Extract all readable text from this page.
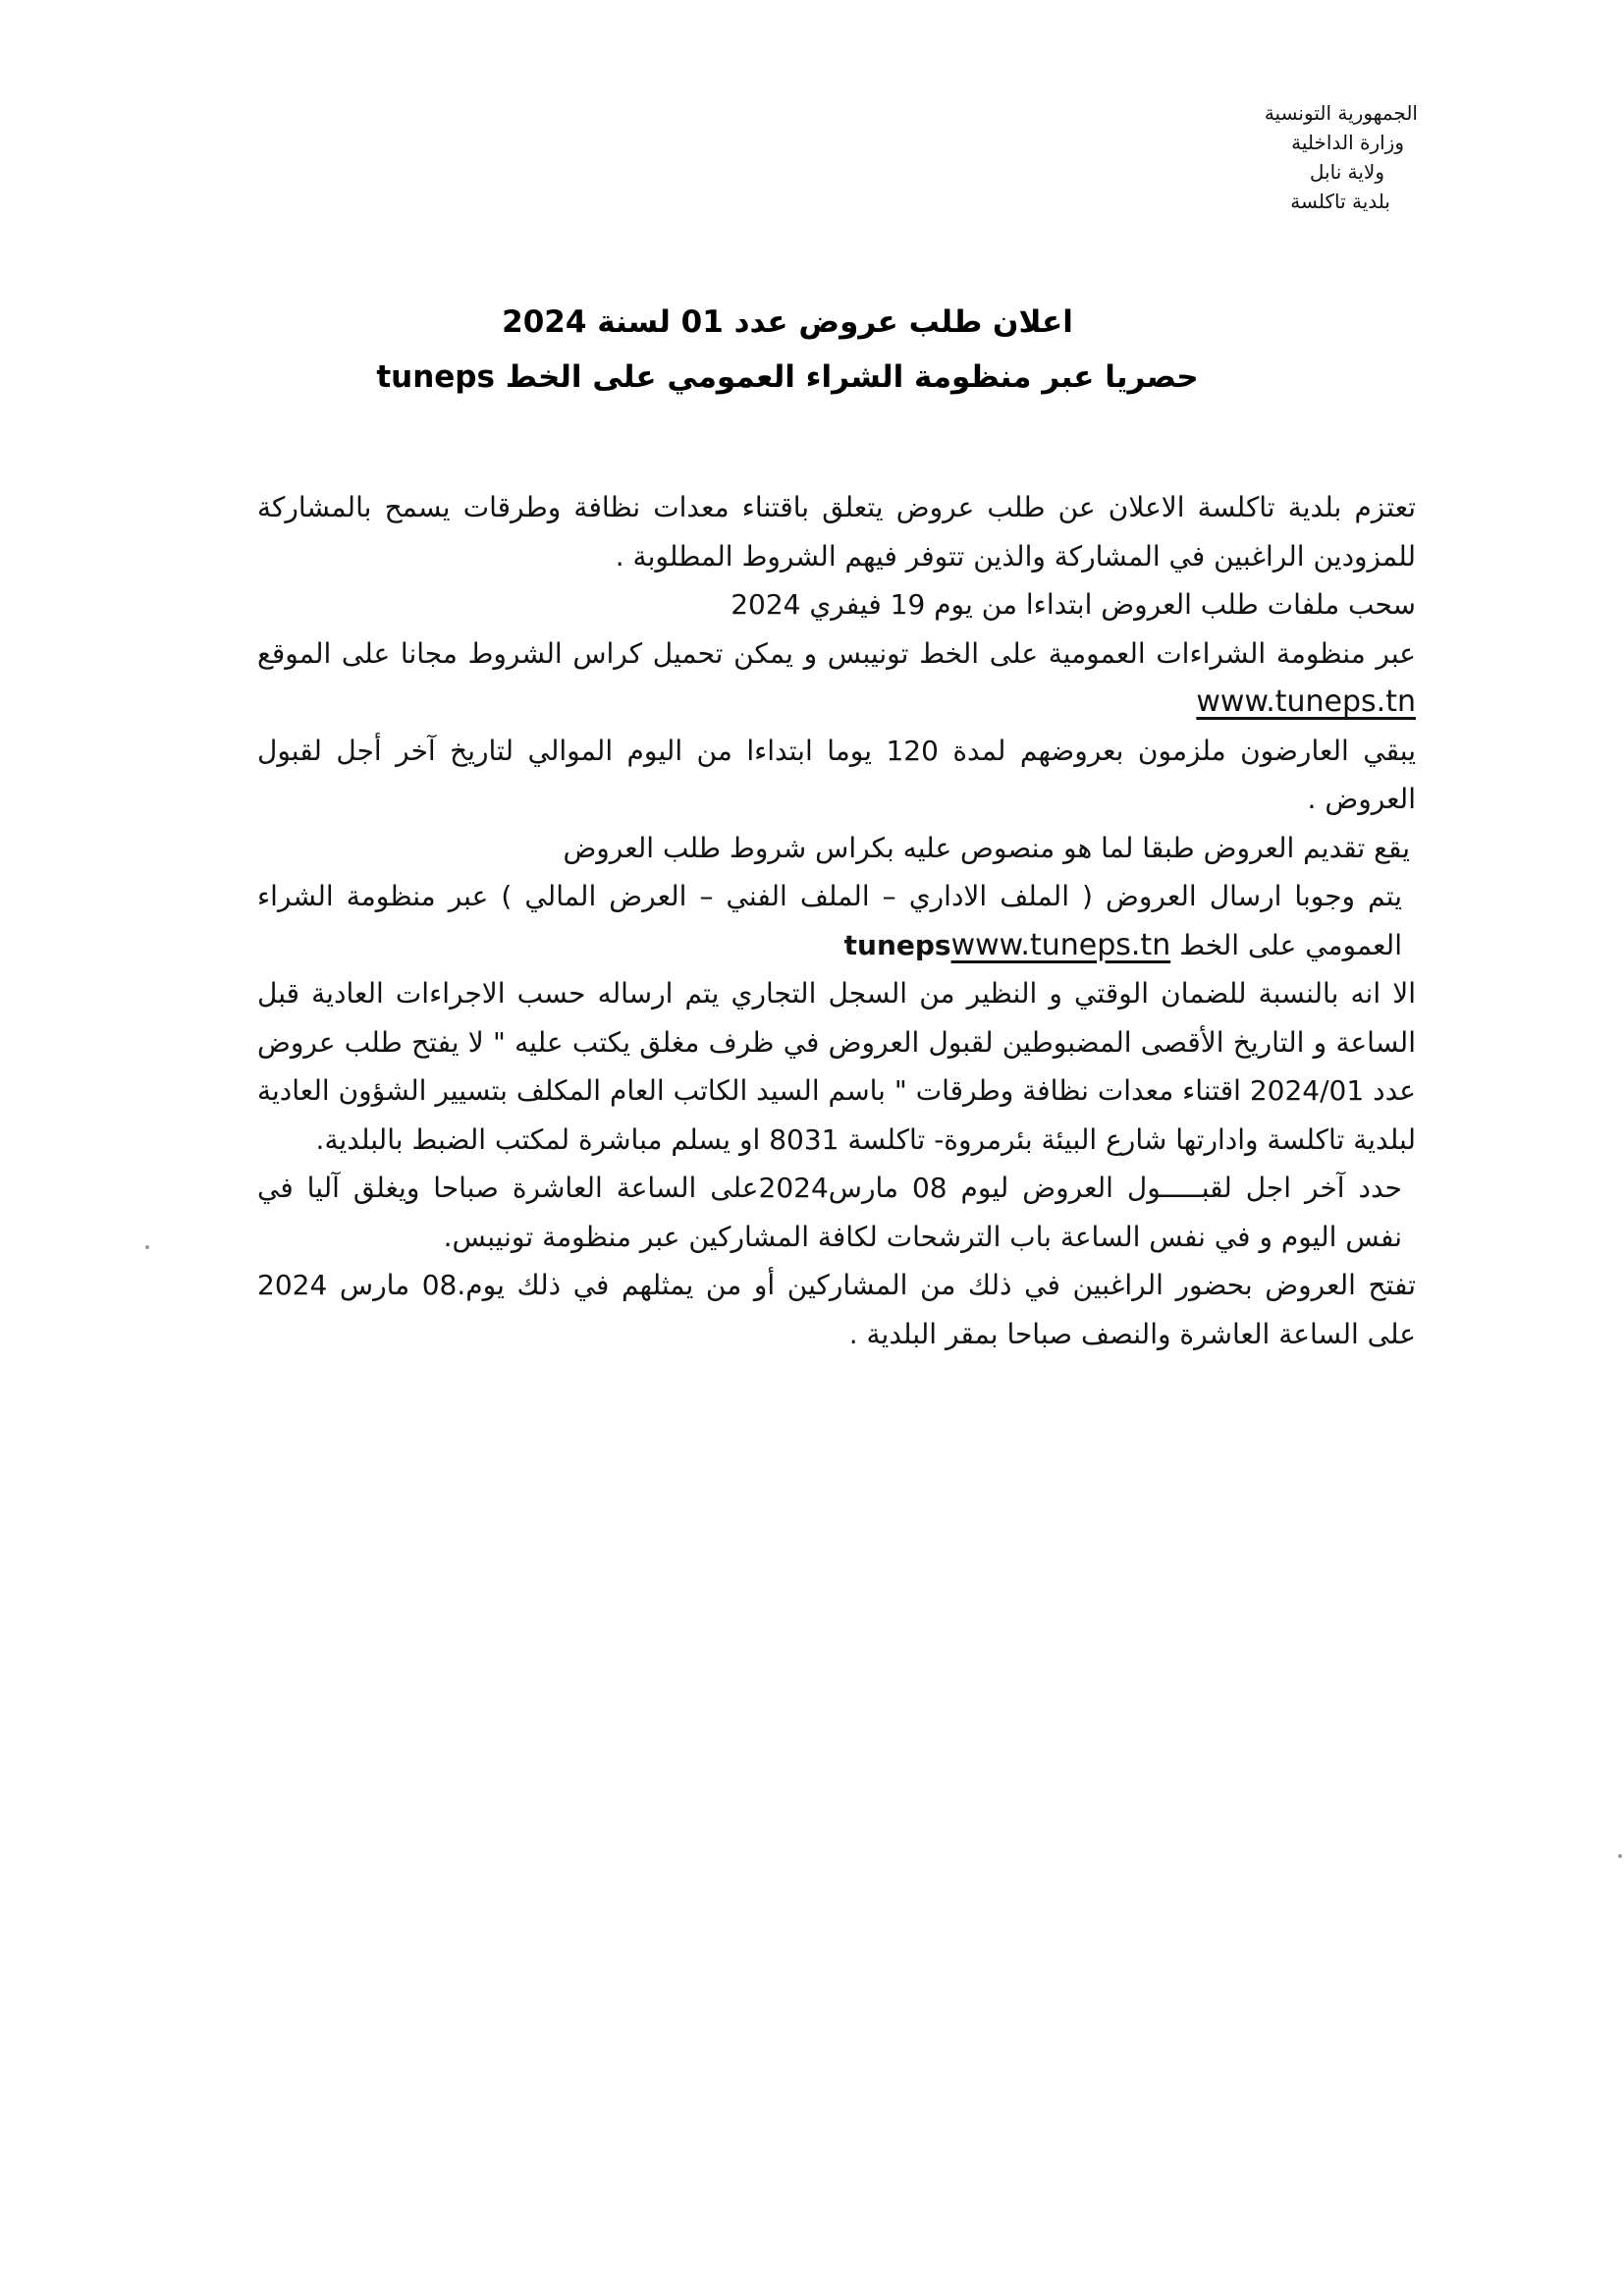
الجمهورية التونسية
وزارة الداخلية
ولاية نابل
بلدية تاكلسة
اعلان طلب عروض عدد 01 لسنة 2024
حصريا عبر منظومة الشراء العمومي على الخط tuneps

تعتزم بلدية تاكلسة الاعلان عن طلب عروض يتعلق باقتناء معدات نظافة وطرقات يسمح بالمشاركة للمزودين الراغبين في المشاركة والذين تتوفر فيهم الشروط المطلوبة .

سحب ملفات طلب العروض ابتداءا من يوم 19 فيفري 2024

عبر منظومة الشراءات العمومية على الخط تونيبس و يمكن تحميل كراس الشروط مجانا على الموقع www.tuneps.tn

يبقي العارضون ملزمون بعروضهم لمدة 120 يوما ابتداءا من اليوم الموالي لتاريخ آخر أجل لقبول العروض .

يقع تقديم العروض طبقا لما هو منصوص عليه بكراس شروط طلب العروض

يتم وجوبا ارسال العروض ( الملف الاداري – الملف الفني – العرض المالي ) عبر منظومة الشراء العمومي على الخط tunepswww.tuneps.tn

الا انه بالنسبة للضمان الوقتي و النظير من السجل التجاري يتم ارساله حسب الاجراءات العادية قبل الساعة و التاريخ الأقصى المضبوطين لقبول العروض في ظرف مغلق يكتب عليه " لا يفتح طلب عروض عدد 2024/01 اقتناء معدات نظافة وطرقات " باسم السيد الكاتب العام المكلف بتسيير الشؤون العادية لبلدية تاكلسة وادارتها شارع البيئة بئرمروة- تاكلسة 8031 او يسلم مباشرة لمكتب الضبط بالبلدية.

حدد آخر اجل لقبـــــول العروض ليوم 08 مارس2024على الساعة العاشرة صباحا ويغلق آليا في نفس اليوم و في نفس الساعة باب الترشحات لكافة المشاركين عبر منظومة تونيبس.

تفتح العروض بحضور الراغبين في ذلك من المشاركين أو من يمثلهم في ذلك يوم.08 مارس 2024 على الساعة العاشرة والنصف صباحا بمقر البلدية .
